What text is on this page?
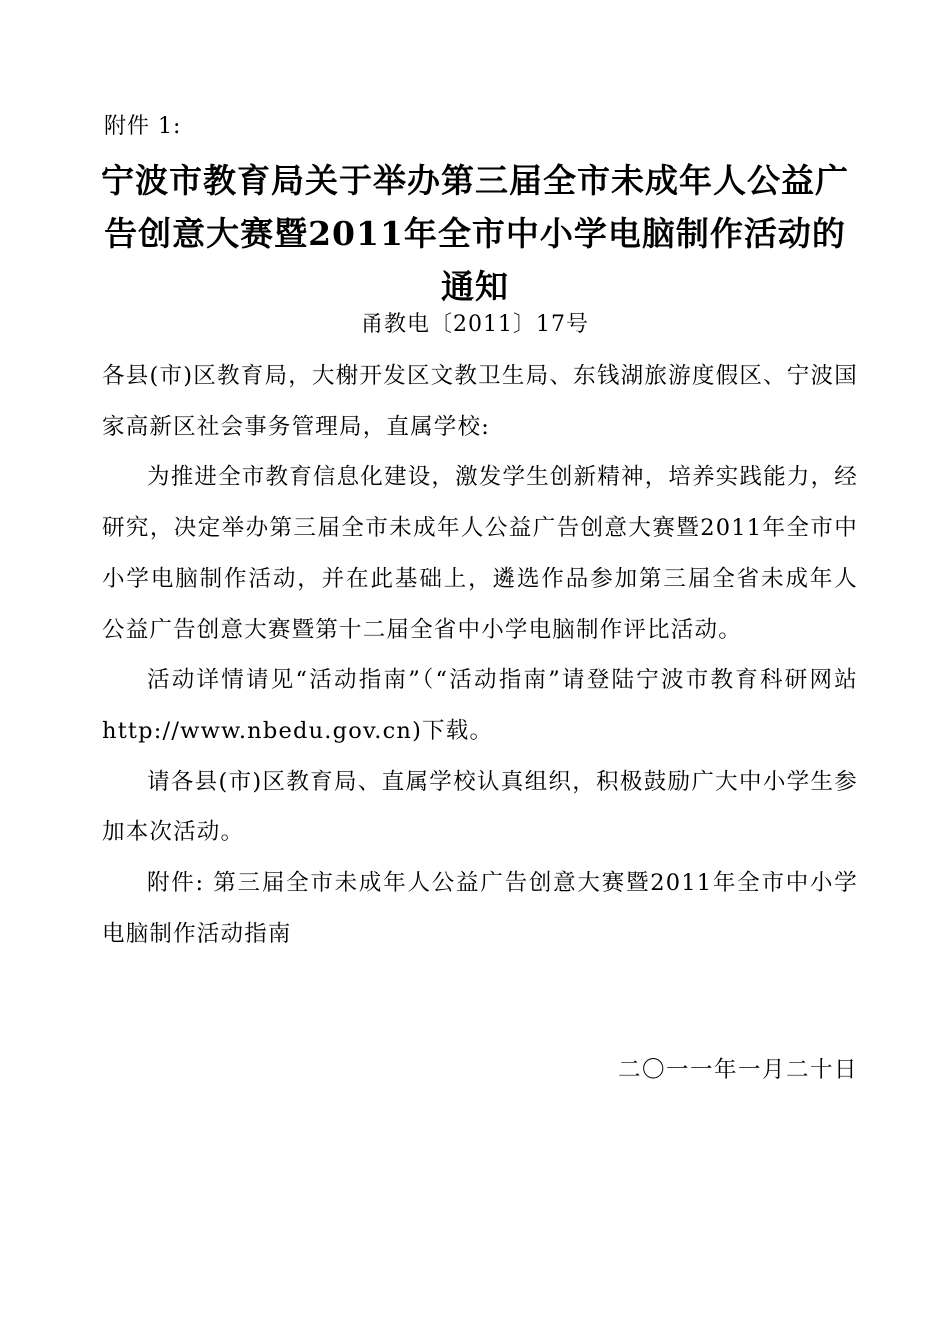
附件 1:
宁波市教育局关于举办第三届全市未成年人公益广告创意大赛暨2011年全市中小学电脑制作活动的通知
甬教电〔2011〕17号

各县(市)区教育局，大榭开发区文教卫生局、东钱湖旅游度假区、宁波国家高新区社会事务管理局，直属学校:

为推进全市教育信息化建设，激发学生创新精神，培养实践能力，经研究，决定举办第三届全市未成年人公益广告创意大赛暨2011年全市中小学电脑制作活动，并在此基础上，遴选作品参加第三届全省未成年人公益广告创意大赛暨第十二届全省中小学电脑制作评比活动。

活动详情请见“活动指南”（“活动指南”请登陆宁波市教育科研网站http://www.nbedu.gov.cn)下载。

请各县(市)区教育局、直属学校认真组织，积极鼓励广大中小学生参加本次活动。

附件: 第三届全市未成年人公益广告创意大赛暨2011年全市中小学电脑制作活动指南

二〇一一年一月二十日
